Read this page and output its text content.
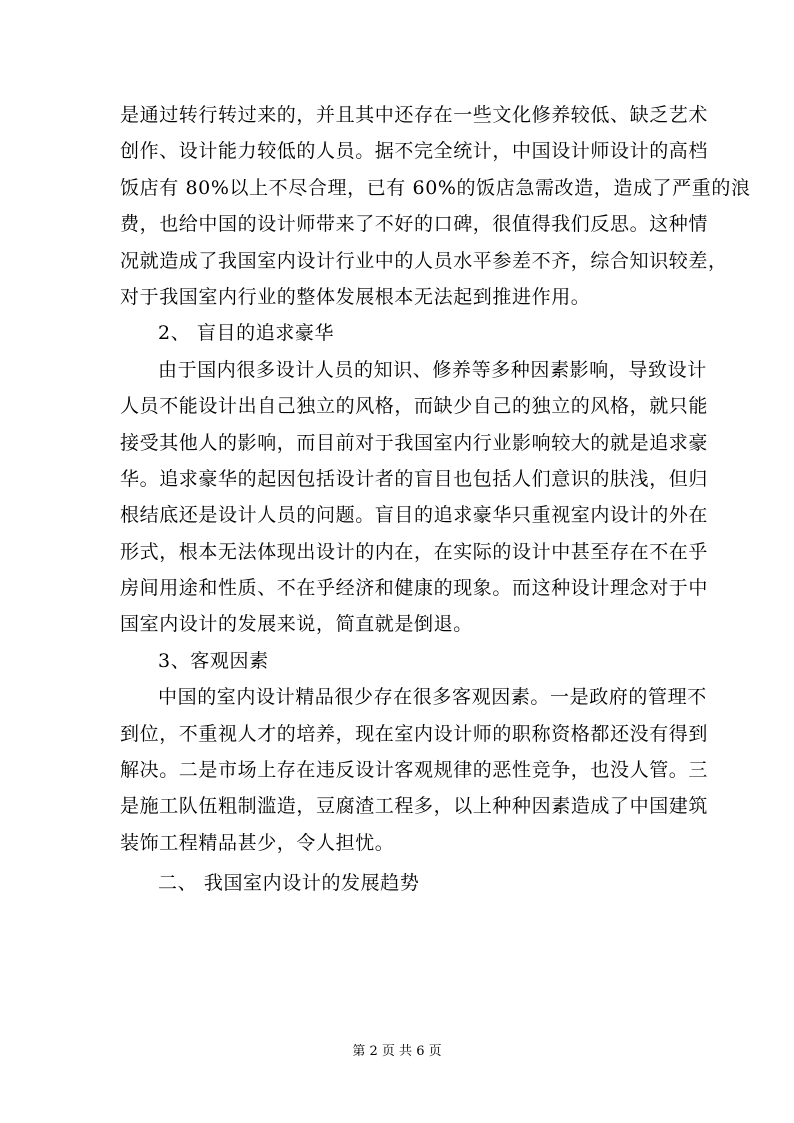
是通过转行转过来的，并且其中还存在一些文化修养较低、缺乏艺术
创作、设计能力较低的人员。据不完全统计，中国设计师设计的高档
饭店有 80%以上不尽合理，已有 60%的饭店急需改造，造成了严重的浪
费，也给中国的设计师带来了不好的口碑，很值得我们反思。这种情
况就造成了我国室内设计行业中的人员水平参差不齐，综合知识较差，
对于我国室内行业的整体发展根本无法起到推进作用。
2、 盲目的追求豪华
由于国内很多设计人员的知识、修养等多种因素影响，导致设计
人员不能设计出自己独立的风格，而缺少自己的独立的风格，就只能
接受其他人的影响，而目前对于我国室内行业影响较大的就是追求豪
华。追求豪华的起因包括设计者的盲目也包括人们意识的肤浅，但归
根结底还是设计人员的问题。盲目的追求豪华只重视室内设计的外在
形式，根本无法体现出设计的内在，在实际的设计中甚至存在不在乎
房间用途和性质、不在乎经济和健康的现象。而这种设计理念对于中
国室内设计的发展来说，简直就是倒退。
3、客观因素
中国的室内设计精品很少存在很多客观因素。一是政府的管理不
到位，不重视人才的培养，现在室内设计师的职称资格都还没有得到
解决。二是市场上存在违反设计客观规律的恶性竞争，也没人管。三
是施工队伍粗制滥造，豆腐渣工程多，以上种种因素造成了中国建筑
装饰工程精品甚少，令人担忧。
二、 我国室内设计的发展趋势
第 2 页 共 6 页
